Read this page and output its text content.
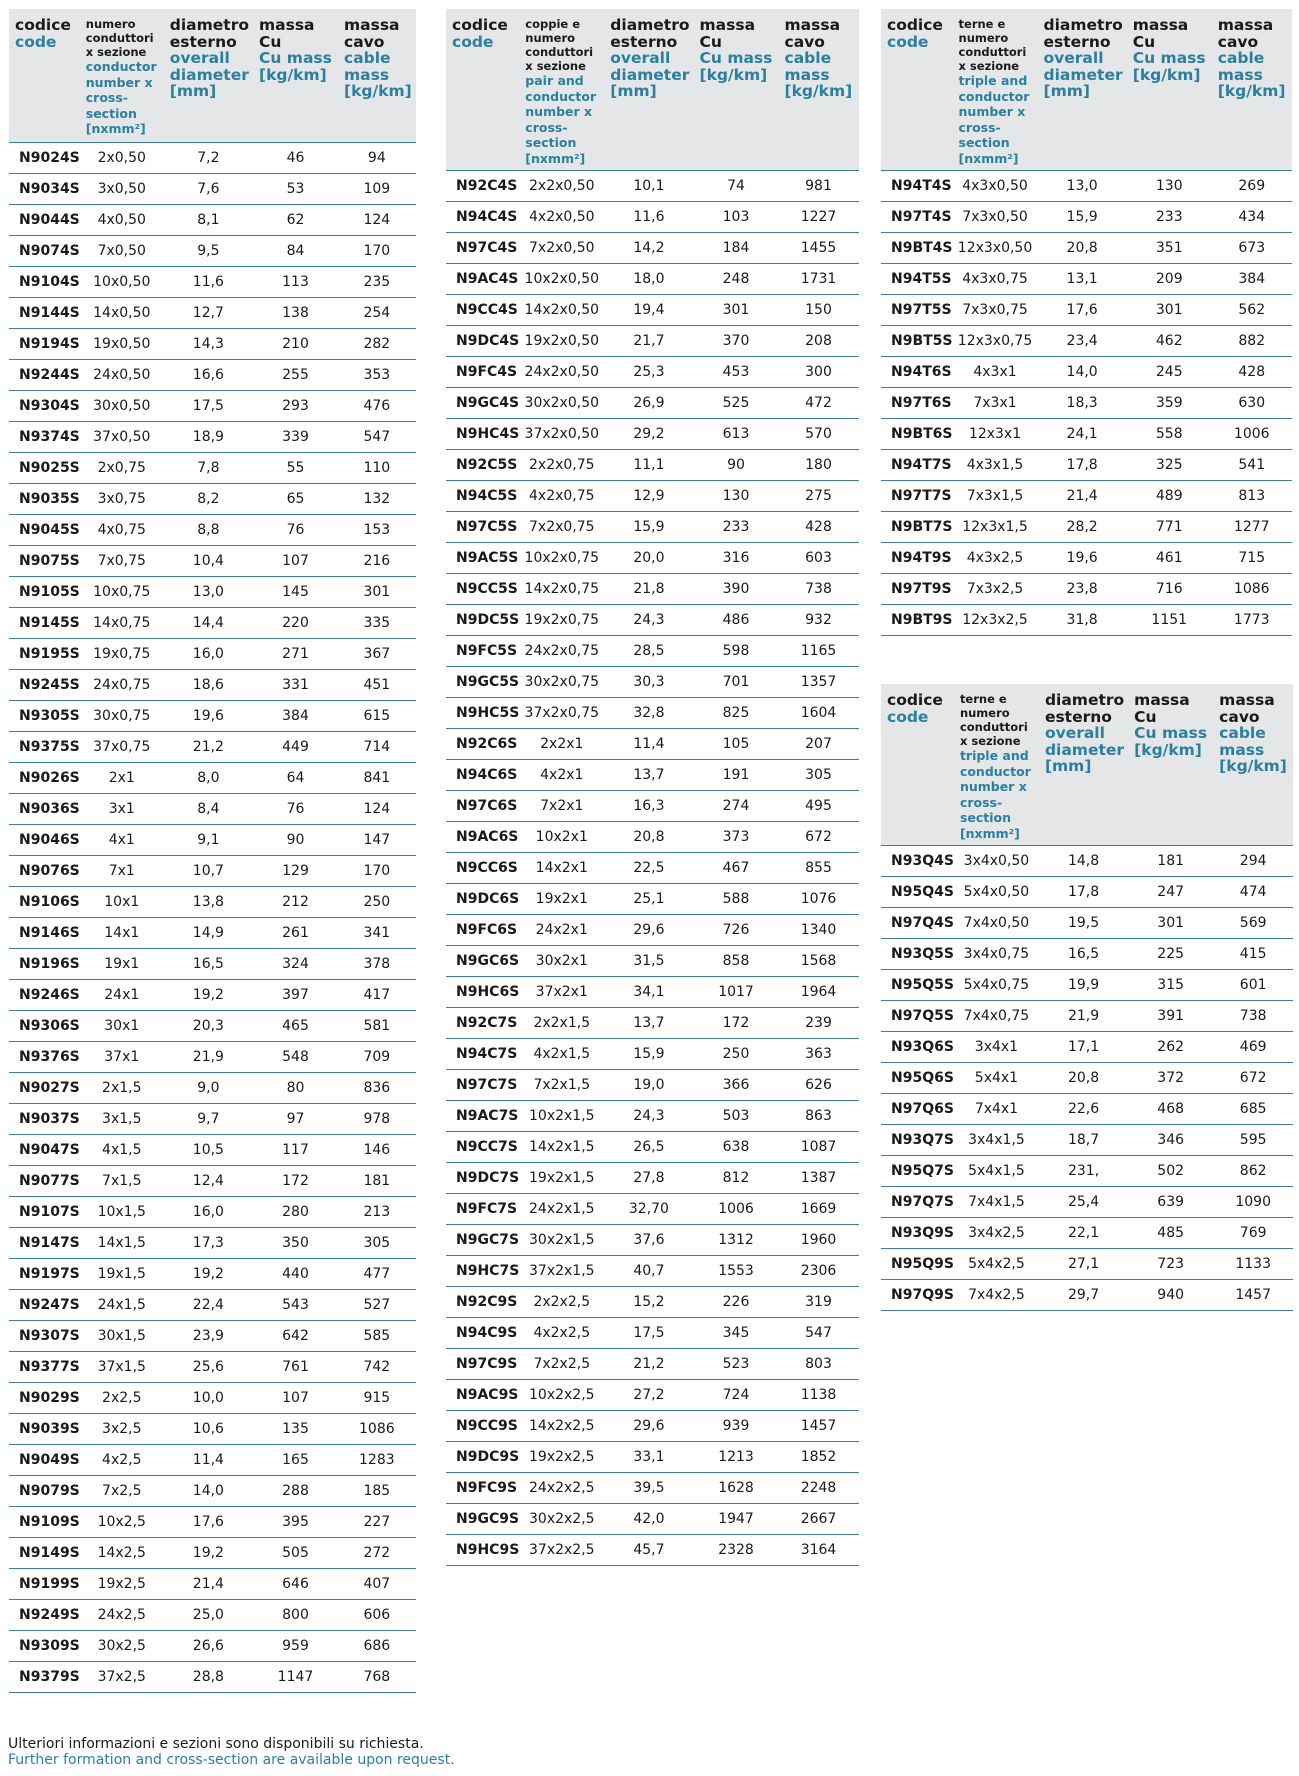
codice
code	numero conduttori x sezione
conductor number x cross-section [nxmm²]	diametro esterno
overall diameter [mm]	massa Cu
Cu mass [kg/km]	massa cavo
cable mass [kg/km]

N9024S	2x0,50	7,2	46	94
N9034S	3x0,50	7,6	53	109
N9044S	4x0,50	8,1	62	124
N9074S	7x0,50	9,5	84	170
N9104S	10x0,50	11,6	113	235
N9144S	14x0,50	12,7	138	254
N9194S	19x0,50	14,3	210	282
N9244S	24x0,50	16,6	255	353
N9304S	30x0,50	17,5	293	476
N9374S	37x0,50	18,9	339	547
N9025S	2x0,75	7,8	55	110
N9035S	3x0,75	8,2	65	132
N9045S	4x0,75	8,8	76	153
N9075S	7x0,75	10,4	107	216
N9105S	10x0,75	13,0	145	301
N9145S	14x0,75	14,4	220	335
N9195S	19x0,75	16,0	271	367
N9245S	24x0,75	18,6	331	451
N9305S	30x0,75	19,6	384	615
N9375S	37x0,75	21,2	449	714
N9026S	2x1	8,0	64	841
N9036S	3x1	8,4	76	124
N9046S	4x1	9,1	90	147
N9076S	7x1	10,7	129	170
N9106S	10x1	13,8	212	250
N9146S	14x1	14,9	261	341
N9196S	19x1	16,5	324	378
N9246S	24x1	19,2	397	417
N9306S	30x1	20,3	465	581
N9376S	37x1	21,9	548	709
N9027S	2x1,5	9,0	80	836
N9037S	3x1,5	9,7	97	978
N9047S	4x1,5	10,5	117	146
N9077S	7x1,5	12,4	172	181
N9107S	10x1,5	16,0	280	213
N9147S	14x1,5	17,3	350	305
N9197S	19x1,5	19,2	440	477
N9247S	24x1,5	22,4	543	527
N9307S	30x1,5	23,9	642	585
N9377S	37x1,5	25,6	761	742
N9029S	2x2,5	10,0	107	915
N9039S	3x2,5	10,6	135	1086
N9049S	4x2,5	11,4	165	1283
N9079S	7x2,5	14,0	288	185
N9109S	10x2,5	17,6	395	227
N9149S	14x2,5	19,2	505	272
N9199S	19x2,5	21,4	646	407
N9249S	24x2,5	25,0	800	606
N9309S	30x2,5	26,6	959	686
N9379S	37x2,5	28,8	1147	768
codice
code	coppie e numero conduttori x sezione
pair and conductor number x cross-section [nxmm²]	diametro esterno
overall diameter [mm]	massa Cu
Cu mass [kg/km]	massa cavo
cable mass [kg/km]

N92C4S	2x2x0,50	10,1	74	981
N94C4S	4x2x0,50	11,6	103	1227
N97C4S	7x2x0,50	14,2	184	1455
N9AC4S	10x2x0,50	18,0	248	1731
N9CC4S	14x2x0,50	19,4	301	150
N9DC4S	19x2x0,50	21,7	370	208
N9FC4S	24x2x0,50	25,3	453	300
N9GC4S	30x2x0,50	26,9	525	472
N9HC4S	37x2x0,50	29,2	613	570
N92C5S	2x2x0,75	11,1	90	180
N94C5S	4x2x0,75	12,9	130	275
N97C5S	7x2x0,75	15,9	233	428
N9AC5S	10x2x0,75	20,0	316	603
N9CC5S	14x2x0,75	21,8	390	738
N9DC5S	19x2x0,75	24,3	486	932
N9FC5S	24x2x0,75	28,5	598	1165
N9GC5S	30x2x0,75	30,3	701	1357
N9HC5S	37x2x0,75	32,8	825	1604
N92C6S	2x2x1	11,4	105	207
N94C6S	4x2x1	13,7	191	305
N97C6S	7x2x1	16,3	274	495
N9AC6S	10x2x1	20,8	373	672
N9CC6S	14x2x1	22,5	467	855
N9DC6S	19x2x1	25,1	588	1076
N9FC6S	24x2x1	29,6	726	1340
N9GC6S	30x2x1	31,5	858	1568
N9HC6S	37x2x1	34,1	1017	1964
N92C7S	2x2x1,5	13,7	172	239
N94C7S	4x2x1,5	15,9	250	363
N97C7S	7x2x1,5	19,0	366	626
N9AC7S	10x2x1,5	24,3	503	863
N9CC7S	14x2x1,5	26,5	638	1087
N9DC7S	19x2x1,5	27,8	812	1387
N9FC7S	24x2x1,5	32,70	1006	1669
N9GC7S	30x2x1,5	37,6	1312	1960
N9HC7S	37x2x1,5	40,7	1553	2306
N92C9S	2x2x2,5	15,2	226	319
N94C9S	4x2x2,5	17,5	345	547
N97C9S	7x2x2,5	21,2	523	803
N9AC9S	10x2x2,5	27,2	724	1138
N9CC9S	14x2x2,5	29,6	939	1457
N9DC9S	19x2x2,5	33,1	1213	1852
N9FC9S	24x2x2,5	39,5	1628	2248
N9GC9S	30x2x2,5	42,0	1947	2667
N9HC9S	37x2x2,5	45,7	2328	3164
codice
code	terne e numero conduttori x sezione
triple and conductor number x cross-section [nxmm²]	diametro esterno
overall diameter [mm]	massa Cu
Cu mass [kg/km]	massa cavo
cable mass [kg/km]

N94T4S	4x3x0,50	13,0	130	269
N97T4S	7x3x0,50	15,9	233	434
N9BT4S	12x3x0,50	20,8	351	673
N94T5S	4x3x0,75	13,1	209	384
N97T5S	7x3x0,75	17,6	301	562
N9BT5S	12x3x0,75	23,4	462	882
N94T6S	4x3x1	14,0	245	428
N97T6S	7x3x1	18,3	359	630
N9BT6S	12x3x1	24,1	558	1006
N94T7S	4x3x1,5	17,8	325	541
N97T7S	7x3x1,5	21,4	489	813
N9BT7S	12x3x1,5	28,2	771	1277
N94T9S	4x3x2,5	19,6	461	715
N97T9S	7x3x2,5	23,8	716	1086
N9BT9S	12x3x2,5	31,8	1151	1773
codice
code	terne e numero conduttori x sezione
triple and conductor number x cross-section [nxmm²]	diametro esterno
overall diameter [mm]	massa Cu
Cu mass [kg/km]	massa cavo
cable mass [kg/km]

N93Q4S	3x4x0,50	14,8	181	294
N95Q4S	5x4x0,50	17,8	247	474
N97Q4S	7x4x0,50	19,5	301	569
N93Q5S	3x4x0,75	16,5	225	415
N95Q5S	5x4x0,75	19,9	315	601
N97Q5S	7x4x0,75	21,9	391	738
N93Q6S	3x4x1	17,1	262	469
N95Q6S	5x4x1	20,8	372	672
N97Q6S	7x4x1	22,6	468	685
N93Q7S	3x4x1,5	18,7	346	595
N95Q7S	5x4x1,5	231,	502	862
N97Q7S	7x4x1,5	25,4	639	1090
N93Q9S	3x4x2,5	22,1	485	769
N95Q9S	5x4x2,5	27,1	723	1133
N97Q9S	7x4x2,5	29,7	940	1457
Ulteriori informazioni e sezioni sono disponibili su richiesta.
Further formation and cross-section are available upon request.
